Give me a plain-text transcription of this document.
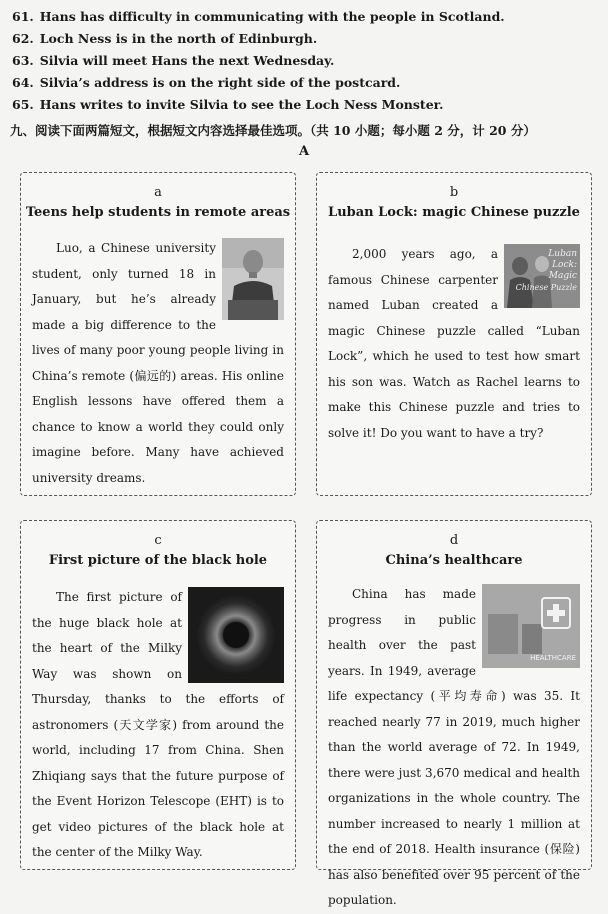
61. Hans has difficulty in communicating with the people in Scotland.
62. Loch Ness is in the north of Edinburgh.
63. Silvia will meet Hans the next Wednesday.
64. Silvia’s address is on the right side of the postcard.
65. Hans writes to invite Silvia to see the Loch Ness Monster.
九、阅读下面两篇短文，根据短文内容选择最佳选项。（共 10 小题；每小题 2 分，计 20 分）
A
a
Teens help students in remote areas

Luo, a Chinese university student, only turned 18 in January, but he’s already made a big difference to the lives of many poor young people living in China’s remote (偏远的) areas. His online English lessons have offered them a chance to know a world they could only imagine before. Many have achieved university dreams.

b
Luban Lock: magic Chinese puzzle
Luban
Lock:
Magic
Chinese Puzzle

2,000 years ago, a famous Chinese carpenter named Luban created a magic Chinese puzzle called “Luban Lock”, which he used to test how smart his son was. Watch as Rachel learns to make this Chinese puzzle and tries to solve it! Do you want to have a try?

c
First picture of the black hole

The first picture of the huge black hole at the heart of the Milky Way was shown on Thursday, thanks to the efforts of astronomers (天文学家) from around the world, including 17 from China. Shen Zhiqiang says that the future purpose of the Event Horizon Telescope (EHT) is to get video pictures of the black hole at the center of the Milky Way.

d
China’s healthcare
HEALTHCARE

China has made progress in public health over the past years. In 1949, average life expectancy (平均寿命) was 35. It reached nearly 77 in 2019, much higher than the world average of 72. In 1949, there were just 3,670 medical and health organizations in the whole country. The number increased to nearly 1 million at the end of 2018. Health insurance (保险) has also benefited over 95 percent of the population.
